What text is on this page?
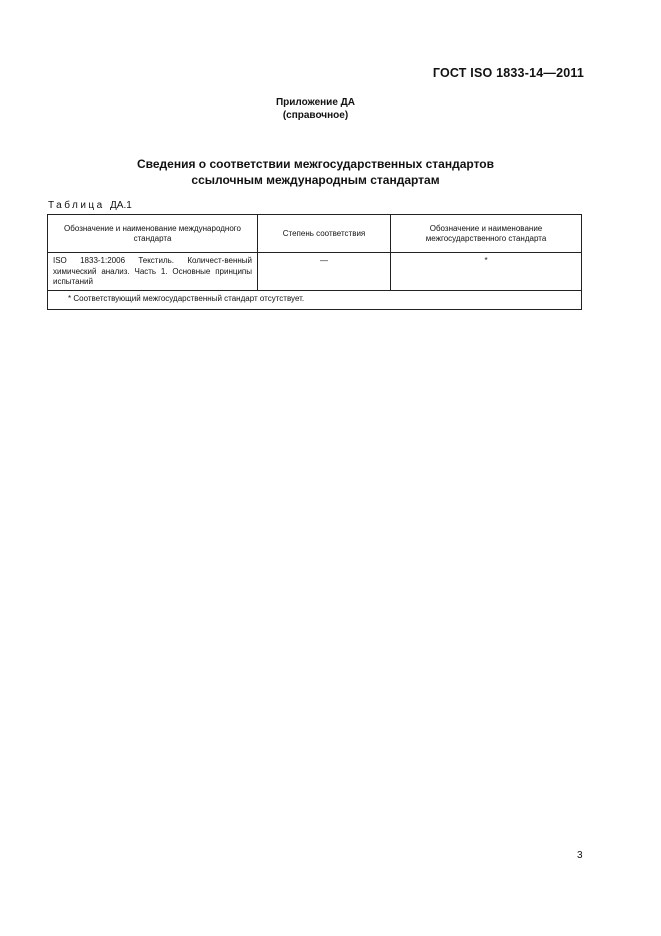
ГОСТ ISO 1833-14—2011
Приложение ДА
(справочное)
Сведения о соответствии межгосударственных стандартов
ссылочным международным стандартам
Таблица ДА.1
Обозначение и наименование международного стандарта	Степень соответствия	Обозначение и наименование межгосударственного стандарта
ISO 1833-1:2006 Текстиль. Количест-венный химический анализ. Часть 1. Основные принципы испытаний	—	*
* Соответствующий межгосударственный стандарт отсутствует.		
3
